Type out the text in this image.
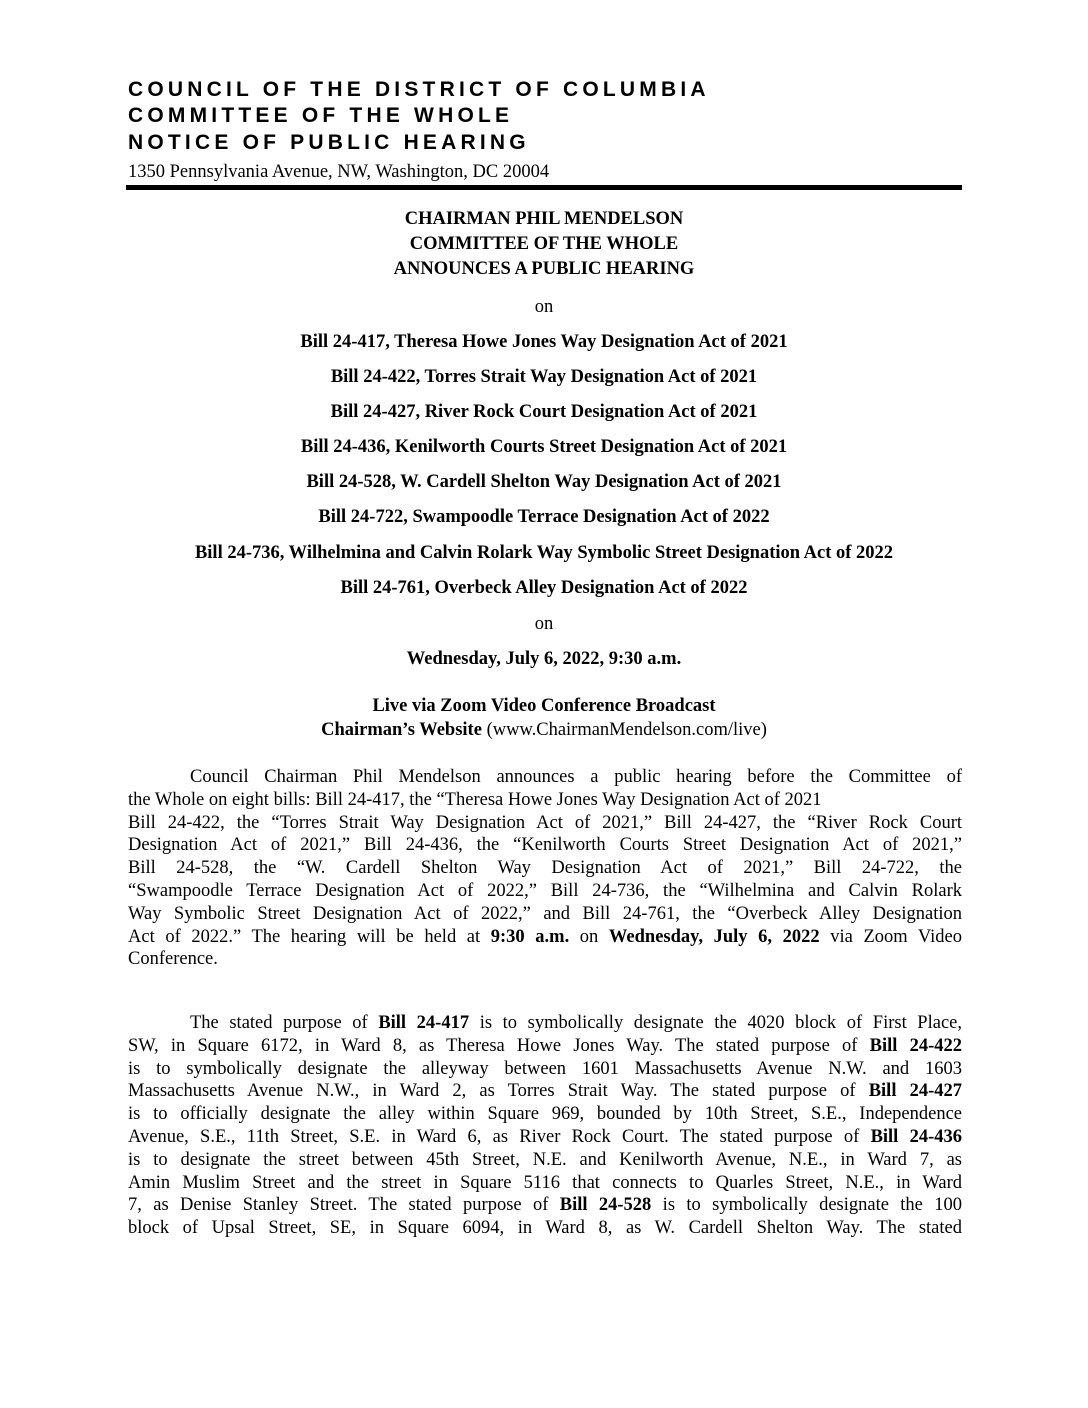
COUNCIL OF THE DISTRICT OF COLUMBIA
COMMITTEE OF THE WHOLE
NOTICE OF PUBLIC HEARING
1350 Pennsylvania Avenue, NW, Washington, DC 20004
CHAIRMAN PHIL MENDELSON
COMMITTEE OF THE WHOLE
ANNOUNCES A PUBLIC HEARING
on
Bill 24-417, Theresa Howe Jones Way Designation Act of 2021
Bill 24-422, Torres Strait Way Designation Act of 2021
Bill 24-427, River Rock Court Designation Act of 2021
Bill 24-436, Kenilworth Courts Street Designation Act of 2021
Bill 24-528, W. Cardell Shelton Way Designation Act of 2021
Bill 24-722, Swampoodle Terrace Designation Act of 2022
Bill 24-736, Wilhelmina and Calvin Rolark Way Symbolic Street Designation Act of 2022
Bill 24-761, Overbeck Alley Designation Act of 2022
on
Wednesday, July 6, 2022, 9:30 a.m.
Live via Zoom Video Conference Broadcast
Chairman’s Website (www.ChairmanMendelson.com/live)
Council Chairman Phil Mendelson announces a public hearing before the Committee of
the Whole on eight bills: Bill 24-417, the “Theresa Howe Jones Way Designation Act of 2021
Bill 24-422, the “Torres Strait Way Designation Act of 2021,” Bill 24-427, the “River Rock Court
Designation Act of 2021,” Bill 24-436, the “Kenilworth Courts Street Designation Act of 2021,”
Bill 24-528, the “W. Cardell Shelton Way Designation Act of 2021,” Bill 24-722, the
“Swampoodle Terrace Designation Act of 2022,” Bill 24-736, the “Wilhelmina and Calvin Rolark
Way Symbolic Street Designation Act of 2022,” and Bill 24-761, the “Overbeck Alley Designation
Act of 2022.” The hearing will be held at 9:30 a.m. on Wednesday, July 6, 2022 via Zoom Video
Conference.
The stated purpose of Bill 24-417 is to symbolically designate the 4020 block of First Place,
SW, in Square 6172, in Ward 8, as Theresa Howe Jones Way. The stated purpose of Bill 24-422
is to symbolically designate the alleyway between 1601 Massachusetts Avenue N.W. and 1603
Massachusetts Avenue N.W., in Ward 2, as Torres Strait Way. The stated purpose of Bill 24-427
is to officially designate the alley within Square 969, bounded by 10th Street, S.E., Independence
Avenue, S.E., 11th Street, S.E. in Ward 6, as River Rock Court. The stated purpose of Bill 24-436
is to designate the street between 45th Street, N.E. and Kenilworth Avenue, N.E., in Ward 7, as
Amin Muslim Street and the street in Square 5116 that connects to Quarles Street, N.E., in Ward
7, as Denise Stanley Street. The stated purpose of Bill 24-528 is to symbolically designate the 100
block of Upsal Street, SE, in Square 6094, in Ward 8, as W. Cardell Shelton Way. The stated
